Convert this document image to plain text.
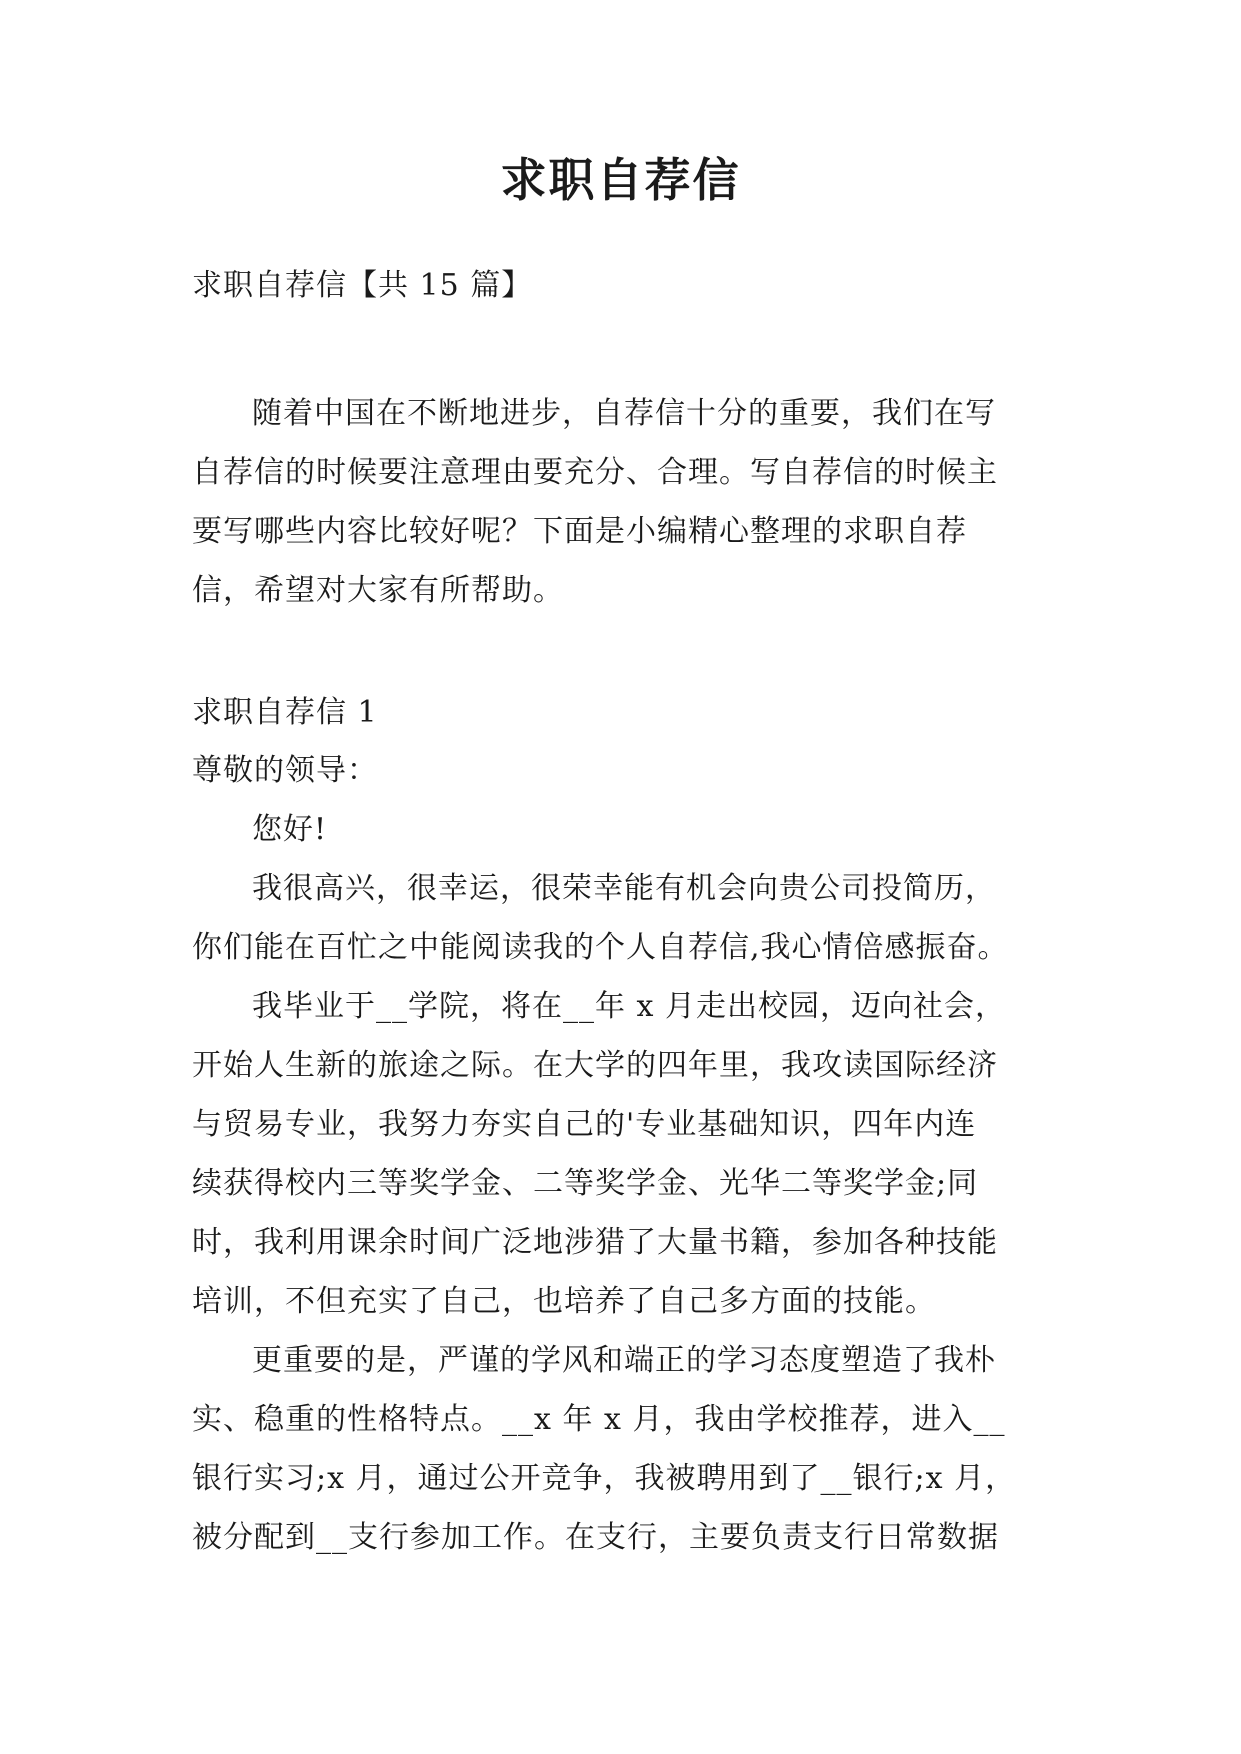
求职自荐信

求职自荐信【共 15 篇】

随着中国在不断地进步，自荐信十分的重要，我们在写

自荐信的时候要注意理由要充分、合理。写自荐信的时候主
要写哪些内容比较好呢？下面是小编精心整理的求职自荐
信，希望对大家有所帮助。

求职自荐信 1

尊敬的领导：

您好!

我很高兴，很幸运，很荣幸能有机会向贵公司投简历，

你们能在百忙之中能阅读我的个人自荐信,我心情倍感振奋。

我毕业于__学院，将在__年 x 月走出校园，迈向社会，

开始人生新的旅途之际。在大学的四年里，我攻读国际经济
与贸易专业，我努力夯实自己的'专业基础知识，四年内连
续获得校内三等奖学金、二等奖学金、光华二等奖学金;同
时，我利用课余时间广泛地涉猎了大量书籍，参加各种技能
培训，不但充实了自己，也培养了自己多方面的技能。

更重要的是，严谨的学风和端正的学习态度塑造了我朴

实、稳重的性格特点。__x 年 x 月，我由学校推荐，进入__
银行实习;x 月，通过公开竞争，我被聘用到了__银行;x 月，
被分配到__支行参加工作。在支行，主要负责支行日常数据
